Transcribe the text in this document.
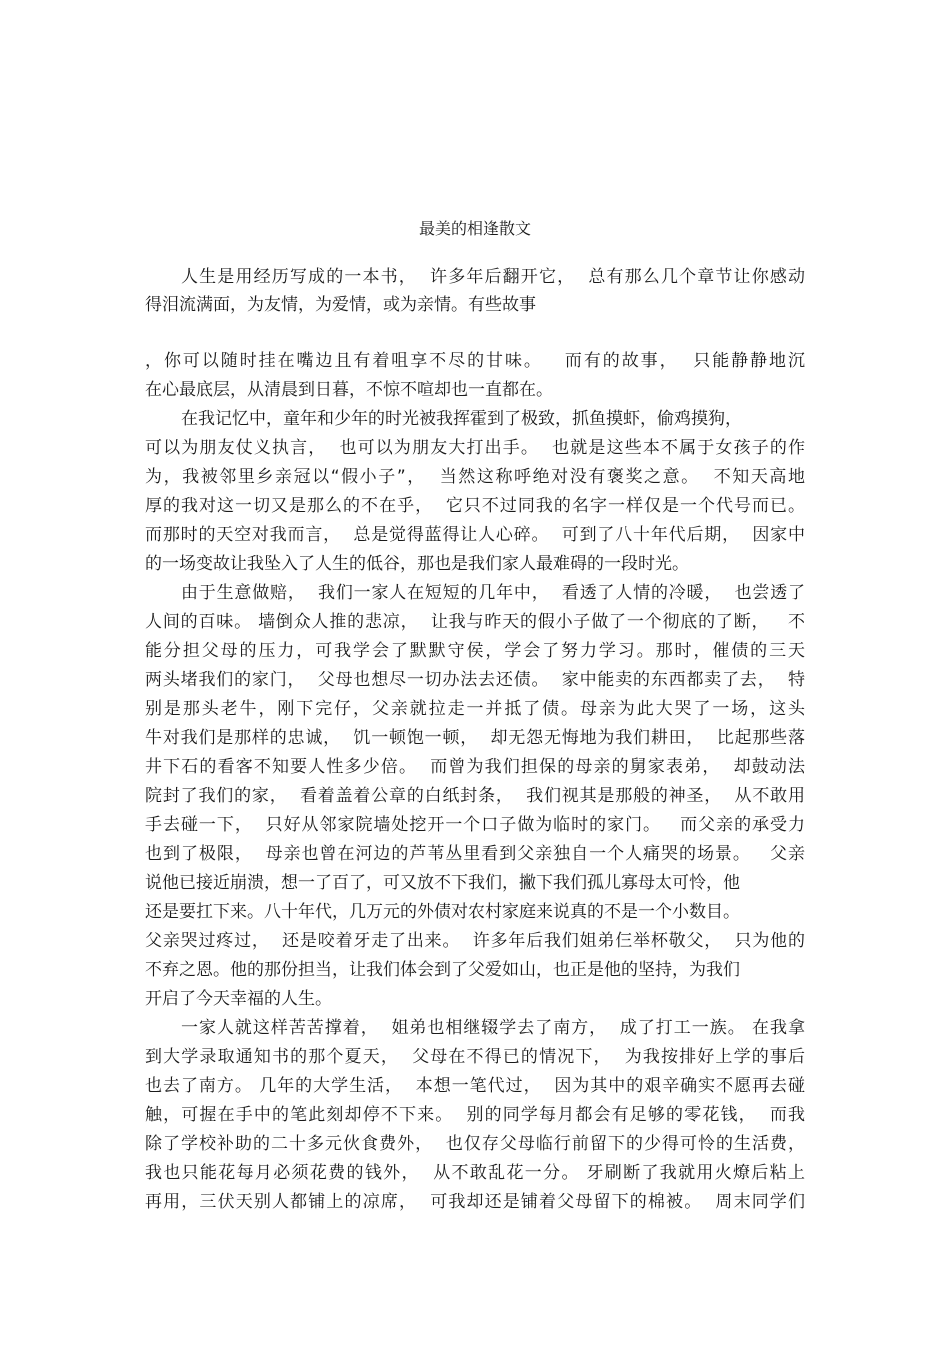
最美的相逢散文
人生是用经历写成的一本书，  许多年后翻开它，  总有那么几个章节让你感动
得泪流满面，为友情，为爱情，或为亲情。有些故事
，你可以随时挂在嘴边且有着咀享不尽的甘味。   而有的故事，  只能静静地沉
在心最底层，从清晨到日暮，不惊不喧却也一直都在。
在我记忆中，童年和少年的时光被我挥霍到了极致，抓鱼摸虾，偷鸡摸狗，
可以为朋友仗义执言，  也可以为朋友大打出手。  也就是这些本不属于女孩子的作
为，我被邻里乡亲冠以“假小子”，  当然这称呼绝对没有褒奖之意。  不知天高地
厚的我对这一切又是那么的不在乎，  它只不过同我的名字一样仅是一个代号而已。
而那时的天空对我而言，  总是觉得蓝得让人心碎。  可到了八十年代后期，  因家中
的一场变故让我坠入了人生的低谷，那也是我们家人最难碍的一段时光。
由于生意做赔，  我们一家人在短短的几年中，  看透了人情的冷暖，  也尝透了
人间的百味。 墙倒众人推的悲凉，  让我与昨天的假小子做了一个彻底的了断，   不
能分担父母的压力，可我学会了默默守侯，学会了努力学习。那时，催债的三天
两头堵我们的家门，  父母也想尽一切办法去还债。  家中能卖的东西都卖了去，  特
别是那头老牛，刚下完仔，父亲就拉走一并抵了债。母亲为此大哭了一场，这头
牛对我们是那样的忠诚，  饥一顿饱一顿，  却无怨无悔地为我们耕田，  比起那些落
井下石的看客不知要人性多少倍。  而曾为我们担保的母亲的舅家表弟，  却鼓动法
院封了我们的家，  看着盖着公章的白纸封条，  我们视其是那般的神圣，  从不敢用
手去碰一下，  只好从邻家院墙处挖开一个口子做为临时的家门。   而父亲的承受力
也到了极限，  母亲也曾在河边的芦苇丛里看到父亲独自一个人痛哭的场景。   父亲
说他已接近崩溃，想一了百了，可又放不下我们，撇下我们孤儿寡母太可怜，他
还是要扛下来。八十年代，几万元的外债对农村家庭来说真的不是一个小数目。
父亲哭过疼过，  还是咬着牙走了出来。  许多年后我们姐弟仨举杯敬父，  只为他的
不弃之恩。他的那份担当，让我们体会到了父爱如山，也正是他的坚持，为我们
开启了今天幸福的人生。
一家人就这样苦苦撑着，  姐弟也相继辍学去了南方，  成了打工一族。 在我拿
到大学录取通知书的那个夏天，  父母在不得已的情况下，  为我按排好上学的事后
也去了南方。 几年的大学生活，  本想一笔代过，  因为其中的艰辛确实不愿再去碰
触，可握在手中的笔此刻却停不下来。  别的同学每月都会有足够的零花钱，  而我
除了学校补助的二十多元伙食费外，  也仅存父母临行前留下的少得可怜的生活费，
我也只能花每月必须花费的钱外，  从不敢乱花一分。 牙刷断了我就用火燎后粘上
再用，三伏天别人都铺上的凉席，  可我却还是铺着父母留下的棉被。  周末同学们
